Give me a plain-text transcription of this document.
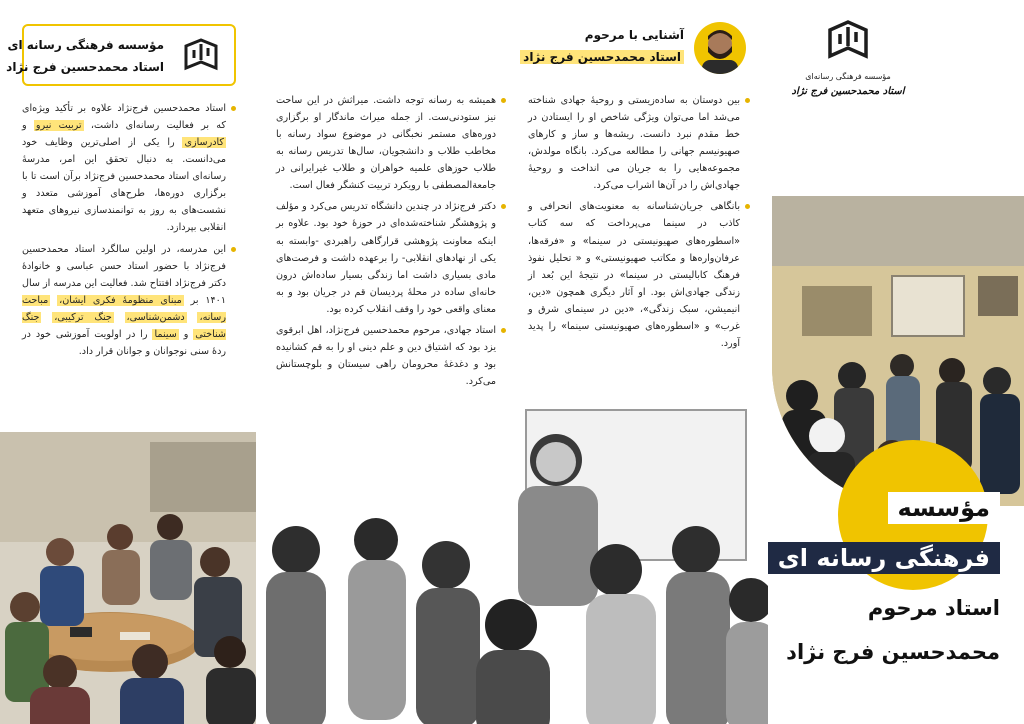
مؤسسه فرهنگی رسانه ای
استاد محمدحسین فرج نژاد

استاد محمدحسین فرج‌نژاد علاوه بر تأکید ویژه‌ای که بر فعالیت رسانه‌ای داشت، تربیت نیرو و کادرسازی را یکی از اصلی‌ترین وظایف خود می‌دانست. به دنبال تحقق این امر، مدرسهٔ رسانه‌ای استاد محمدحسین فرج‌نژاد برآن است تا با برگزاری دوره‌ها، طرح‌های آموزشی متعدد و نشست‌های به روز به توانمندسازی نیروهای متعهد انقلابی بپردازد.

این مدرسه، در اولین سالگرد استاد محمدحسین فرج‌نژاد با حضور استاد حسن عباسی و خانوادهٔ دکتر فرج‌نژاد افتتاح شد. فعالیت این مدرسه از سال ۱۴۰۱ بر مبنای منظومهٔ فکری ایشان، مباحث رسانه، دشمن‌شناسی، جنگ ترکیبی، جنگ شناختی و سینما را در اولویت آموزشی خود در ردهٔ سنی نوجوانان و جوانان قرار داد.

همیشه به رسانه توجه داشت. میراثش در این ساحت نیز ستودنی‌ست. از جمله میراث ماندگار او برگزاری دوره‌های مستمر نخبگانی در موضوع سواد رسانه با مخاطب طلاب و دانشجویان، سال‌ها تدریس رسانه به طلاب حوزهای علمیه خواهران و طلاب غیرایرانی در جامعة‌المصطفی با رویکرد تربیت کنشگر فعال است.

دکتر فرج‌نژاد در چندین دانشگاه تدریس می‌کرد و مؤلف و پژوهشگر شناخته‌شده‌ای در حوزهٔ خود بود. علاوه بر اینکه معاونت پژوهشی قرارگاهی راهبردی -وابسته به یکی از نهادهای انقلابی- را برعهده داشت و فرصت‌های مادی بسیاری داشت اما زندگی بسیار ساده‌اش درون خانه‌ای ساده در محلهٔ پردیسان قم در جریان بود و به معنای واقعی خود را وقف انقلاب کرده بود.

استاد جهادی، مرحوم محمدحسین فرج‌نژاد، اهل ابرقوی یزد بود که اشتیاق دین و علم دینی او را به قم کشانیده بود و دغدغهٔ محرومان راهی سیستان و بلوچستانش می‌کرد.

آشنایی با مرحوم
استاد محمدحسین فرج نژاد

بین دوستان به ساده‌زیستی و روحیهٔ جهادی شناخته می‌شد اما می‌توان ویژگی شاخص او را ایستادن در خط مقدم نبرد دانست. ریشه‌ها و ساز و کارهای صهیونیسم جهانی را مطالعه می‌کرد. بانگاه مولدش، مجموعه‌هایی را به جریان می انداخت و روحیهٔ جهادی‌اش را در آن‌ها اشراب می‌کرد.

بانگاهی جریان‌شناسانه به معنویت‌های انحرافی و کاذب در سینما می‌پرداخت که سه کتاب «اسطوره‌های صهیونیستی در سینما» و «فرقه‌ها، عرفان‌واره‌ها و مکاتب صهیونیستی» و « تحلیل نفوذ فرهنگ کابالیستی در سینما» در نتیجهٔ این بُعد از زندگی جهادی‌اش بود. او آثار دیگری همچون «دین، انیمیشن، سبک زندگی»، «دین در سینمای شرق و غرب» و «اسطوره‌های صهیونیستی سینما» را پدید آورد.

مؤسسه فرهنگی رسانه‌ای
استاد محمدحسین فرج نژاد
مؤسسه
فرهنگی رسانه ای
استاد مرحوم
محمدحسین فرج نژاد
